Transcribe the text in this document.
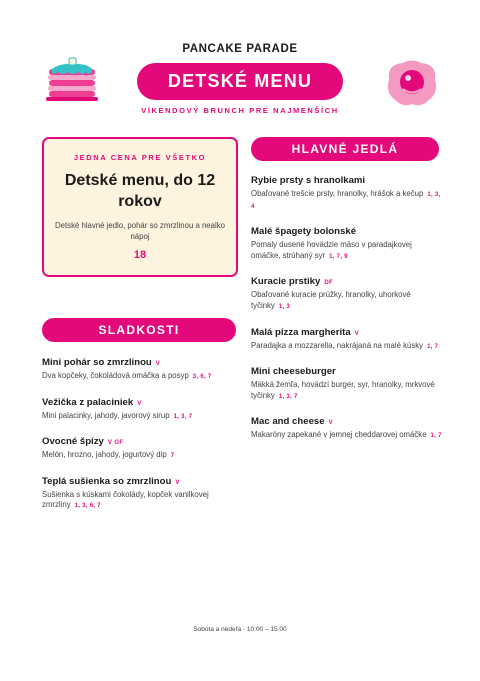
PANCAKE PARADE
DETSKÉ MENU
VÍKENDOVÝ BRUNCH PRE NAJMENŠÍCH
JEDNA CENA PRE VŠETKO
Detské menu, do 12 rokov
Detské hlavné jedlo, pohár so zmrzlinou a nealko nápoj
18
SLADKOSTI
Mini pohár so zmrzlinou V
Dva kopčeky, čokoládová omáčka a posyp 3, 6, 7
Vežička z palaciniek V
Mini palacinky, jahody, javorový sirup 1, 3, 7
Ovocné špízy V GF
Melón, hrozno, jahody, jogurtový dip 7
Teplá sušienka so zmrzlinou V
Sušienka s kúskami čokolády, kopček vanilkovej zmrzliny 1, 3, 6, 7
HLAVNÉ JEDLÁ
Rybie prsty s hranolkami
Obaľované trešcie prsty, hranolky, hrášok a kečup 1, 3, 4
Malé špagety bolonské
Pomaly dusené hovädzie mäso v paradajkovej omáčke, strúhaný syr 1, 7, 9
Kuracie prstiky DF
Obaľované kuracie prúžky, hranolky, uhorkové tyčinky 1, 3
Malá pizza margherita V
Paradajka a mozzarella, nakrájaná na malé kúsky 1, 7
Mini cheeseburger
Mäkká žemľa, hovädzí burger, syr, hranolky, mrkvové tyčinky 1, 3, 7
Mac and cheese V
Makaróny zapekané v jemnej cheddarovej omáčke 1, 7
Sobota a nedeľa · 10:00 – 15:00
